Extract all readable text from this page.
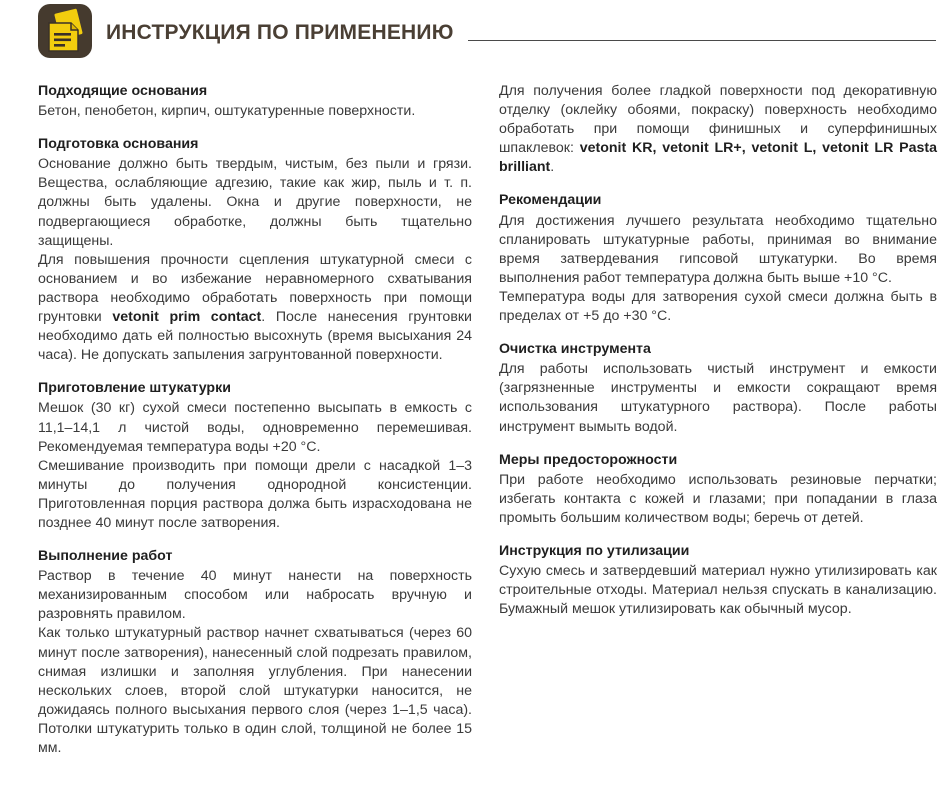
ИНСТРУКЦИЯ ПО ПРИМЕНЕНИЮ
Подходящие основания

Бетон, пенобетон, кирпич, оштукатуренные поверхности.

Подготовка основания

Основание должно быть твердым, чистым, без пыли и грязи. Вещества, ослабляющие адгезию, такие как жир, пыль и т. п. должны быть удалены. Окна и другие поверхности, не подвергающиеся обработке, должны быть тщательно защищены.

Для повышения прочности сцепления штукатурной смеси с основанием и во избежание неравномерного схватывания раствора необходимо обработать поверхность при помощи грунтовки vetonit prim contact. После нанесения грунтовки необходимо дать ей полностью высохнуть (время высыхания 24 часа). Не допускать запыления загрунтованной поверхности.

Приготовление штукатурки

Мешок (30 кг) сухой смеси постепенно высыпать в емкость с 11,1–14,1 л чистой воды, одновременно перемешивая. Рекомендуемая температура воды +20 °C.

Смешивание производить при помощи дрели с насадкой 1–3 минуты до получения однородной консистенции. Приготовленная порция раствора должа быть израсходована не позднее 40 минут после затворения.

Выполнение работ

Раствор в течение 40 минут нанести на поверхность механизированным способом или набросать вручную и разровнять правилом.

Как только штукатурный раствор начнет схватываться (через 60 минут после затворения), нанесенный слой подрезать правилом, снимая излишки и заполняя углубления. При нанесении нескольких слоев, второй слой штукатурки наносится, не дожидаясь полного высыхания первого слоя (через 1–1,5 часа). Потолки штукатурить только в один слой, толщиной не более 15 мм.

Для получения более гладкой поверхности под декоративную отделку (оклейку обоями, покраску) поверхность необходимо обработать при помощи финишных и суперфинишных шпаклевок: vetonit KR, vetonit LR+, vetonit L, vetonit LR Pasta brilliant.

Рекомендации

Для достижения лучшего результата необходимо тщательно спланировать штукатурные работы, принимая во внимание время затвердевания гипсовой штукатурки. Во время выполнения работ температура должна быть выше +10 °C.

Температура воды для затворения сухой смеси должна быть в пределах от +5 до +30 °C.

Очистка инструмента

Для работы использовать чистый инструмент и емкости (загрязненные инструменты и емкости сокращают время использования штукатурного раствора). После работы инструмент вымыть водой.

Меры предосторожности

При работе необходимо использовать резиновые перчатки; избегать контакта с кожей и глазами; при попадании в глаза промыть большим количеством воды; беречь от детей.

Инструкция по утилизации

Сухую смесь и затвердевший материал нужно утилизировать как строительные отходы. Материал нельзя спускать в канализацию. Бумажный мешок утилизировать как обычный мусор.
